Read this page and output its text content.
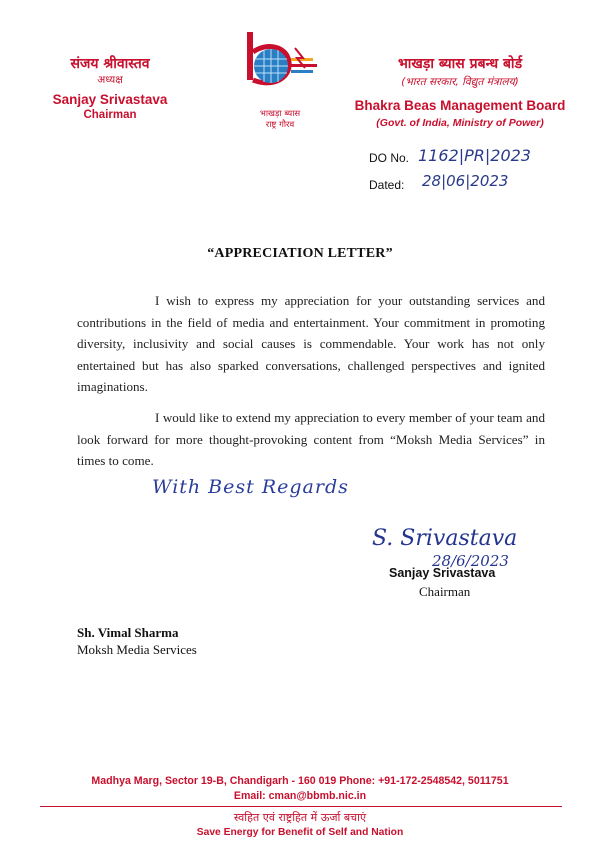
संजय श्रीवास्तव
अध्यक्ष
Sanjay Srivastava
Chairman	भाखड़ा ब्यास
राष्ट्र गौरव
भाखड़ा ब्यास प्रबन्ध बोर्ड
(भारत सरकार, विद्युत मंत्रालय)
Bhakra Beas Management Board
(Govt. of India, Ministry of Power)
DO No. 1162|PR|2023
Dated: 28|06|2023
“APPRECIATION LETTER”
I wish to express my appreciation for your outstanding services and contributions in the field of media and entertainment. Your commitment in promoting diversity, inclusivity and social causes is commendable. Your work has not only entertained but has also sparked conversations, challenged perspectives and ignited imaginations.
I would like to extend my appreciation to every member of your team and look forward for more thought-provoking content from “Moksh Media Services” in times to come.
With Best Regards
S. Srivastava
28/6/2023
Sanjay Srivastava
Chairman
Sh. Vimal Sharma
Moksh Media Services
Madhya Marg, Sector 19-B, Chandigarh - 160 019 Phone: +91-172-2548542, 5011751
Email: cman@bbmb.nic.in
स्वहित एवं राष्ट्रहित में ऊर्जा बचाएं
Save Energy for Benefit of Self and Nation
